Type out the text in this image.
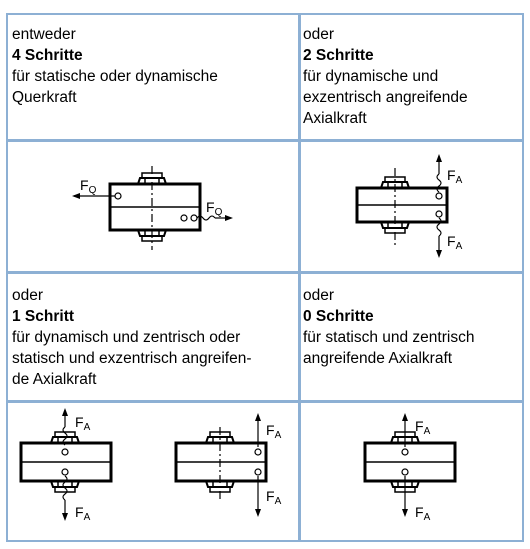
entweder
4 Schritte
für statische oder dynamische
Querkraft
oder
2 Schritte
für dynamische und
exzentrisch angreifende
Axialkraft
oder
1 Schritt
für dynamisch und zentrisch oder
statisch und exzentrisch angreifen-
de Axialkraft
oder
0 Schritte
für statisch und zentrisch
angreifende Axialkraft
$F_Q$
$F_Q$
$F_A$
$F_A$
$F_A$
$F_A$
$F_A$
$F_A$
$F_A$
$F_A$
